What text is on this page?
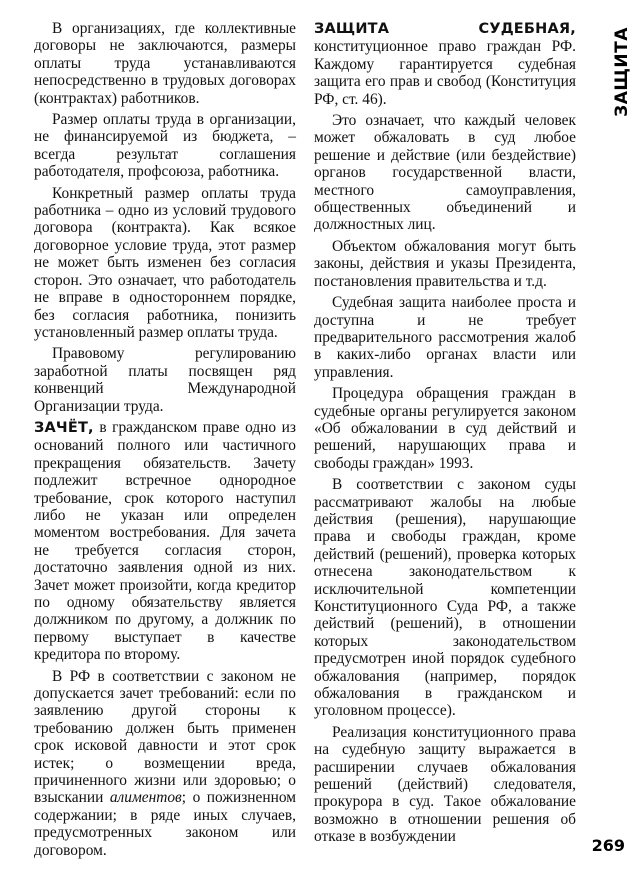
В организациях, где коллективные договоры не заключаются, размеры оплаты труда устанавливаются непосредственно в трудовых договорах (контрактах) работников.

Размер оплаты труда в организации, не финансируемой из бюджета, – всегда результат соглашения работодателя, профсоюза, работника.

Конкретный размер оплаты труда работника – одно из условий трудового договора (контракта). Как всякое договорное условие труда, этот размер не может быть изменен без согласия сторон. Это означает, что работодатель не вправе в одностороннем порядке, без согласия работника, понизить установленный размер оплаты труда.

Правовому регулированию заработной платы посвящен ряд конвенций Международной Организации труда.

ЗАЧЁТ, в гражданском праве одно из оснований полного или частичного прекращения обязательств. Зачету подлежит встречное однородное требование, срок которого наступил либо не указан или определен моментом востребования. Для зачета не требуется согласия сторон, достаточно заявления одной из них. Зачет может произойти, когда кредитор по одному обязательству является должником по другому, а должник по первому выступает в качестве кредитора по второму.

В РФ в соответствии с законом не допускается зачет требований: если по заявлению другой стороны к требованию должен быть применен срок исковой давности и этот срок истек; о возмещении вреда, причиненного жизни или здоровью; о взыскании алиментов; о пожизненном содержании; в ряде иных случаев, предусмотренных законом или договором.

ЗАЩИТА СУДЕБНАЯ, конституционное право граждан РФ. Каждому гарантируется судебная защита его прав и свобод (Конституция РФ, ст. 46).

Это означает, что каждый человек может обжаловать в суд любое решение и действие (или бездействие) органов государственной власти, местного самоуправления, общественных объединений и должностных лиц.

Объектом обжалования могут быть законы, действия и указы Президента, постановления правительства и т.д.

Судебная защита наиболее проста и доступна и не требует предварительного рассмотрения жалоб в каких-либо органах власти или управления.

Процедура обращения граждан в судебные органы регулируется законом «Об обжаловании в суд действий и решений, нарушающих права и свободы граждан» 1993.

В соответствии с законом суды рассматривают жалобы на любые действия (решения), нарушающие права и свободы граждан, кроме действий (решений), проверка которых отнесена законодательством к исключительной компетенции Конституционного Суда РФ, а также действий (решений), в отношении которых законодательством предусмотрен иной порядок судебного обжалования (например, порядок обжалования в гражданском и уголовном процессе).

Реализация конституционного права на судебную защиту выражается в расширении случаев обжалования решений (действий) следователя, прокурора в суд. Такое обжалование возможно в отношении решения об отказе в возбуждении

ЗАЩИТА
269
